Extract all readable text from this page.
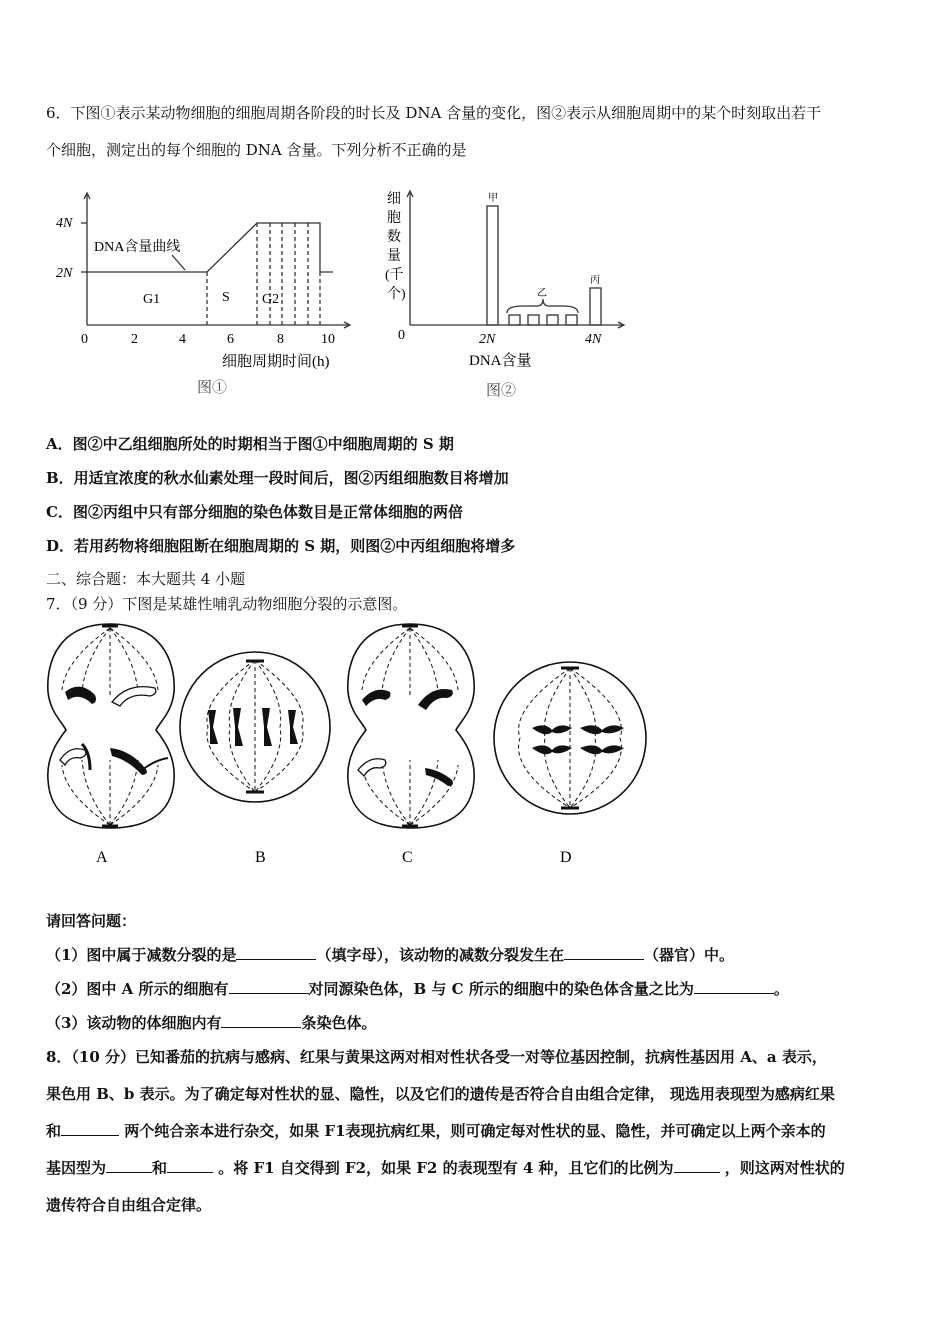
6．下图①表示某动物细胞的细胞周期各阶段的时长及 DNA 含量的变化，图②表示从细胞周期中的某个时刻取出若干
个细胞，测定出的每个细胞的 DNA 含量。下列分析不正确的是
4N
2N
DNA含量曲线
G1	S G2
0	2	4	6	8	10
细胞周期时间(h)
图①
甲
乙
丙
细
胞
数
量
(千
个)
0	2N	4N
DNA含量
图②
A．图②中乙组细胞所处的时期相当于图①中细胞周期的 S 期
B．用适宜浓度的秋水仙素处理一段时间后，图②丙组细胞数目将增加
C．图②丙组中只有部分细胞的染色体数目是正常体细胞的两倍
D．若用药物将细胞阻断在细胞周期的 S 期，则图②中丙组细胞将增多
二、综合题：本大题共 4 小题
7．（9 分）下图是某雄性哺乳动物细胞分裂的示意图。
A	B	C	D
请回答问题：
（1）图中属于减数分裂的是	（填字母），该动物的减数分裂发生在	（器官）中。
（2）图中 A 所示的细胞有	对同源染色体，B 与 C 所示的细胞中的染色体含量之比为	。
（3）该动物的体细胞内有	条染色体。
8．（10 分）已知番茄的抗病与感病、红果与黄果这两对相对性状各受一对等位基因控制，抗病性基因用 A、a 表示，
果色用 B、b 表示。为了确定每对性状的显、隐性，以及它们的遗传是否符合自由组合定律， 现选用表现型为感病红果
和	两个纯合亲本进行杂交，如果 F1表现抗病红果，则可确定每对性状的显、隐性，并可确定以上两个亲本的
基因型为	和	。将 F1 自交得到 F2，如果 F2 的表现型有 4 种，且它们的比例为	，则这两对性状的
遗传符合自由组合定律。
